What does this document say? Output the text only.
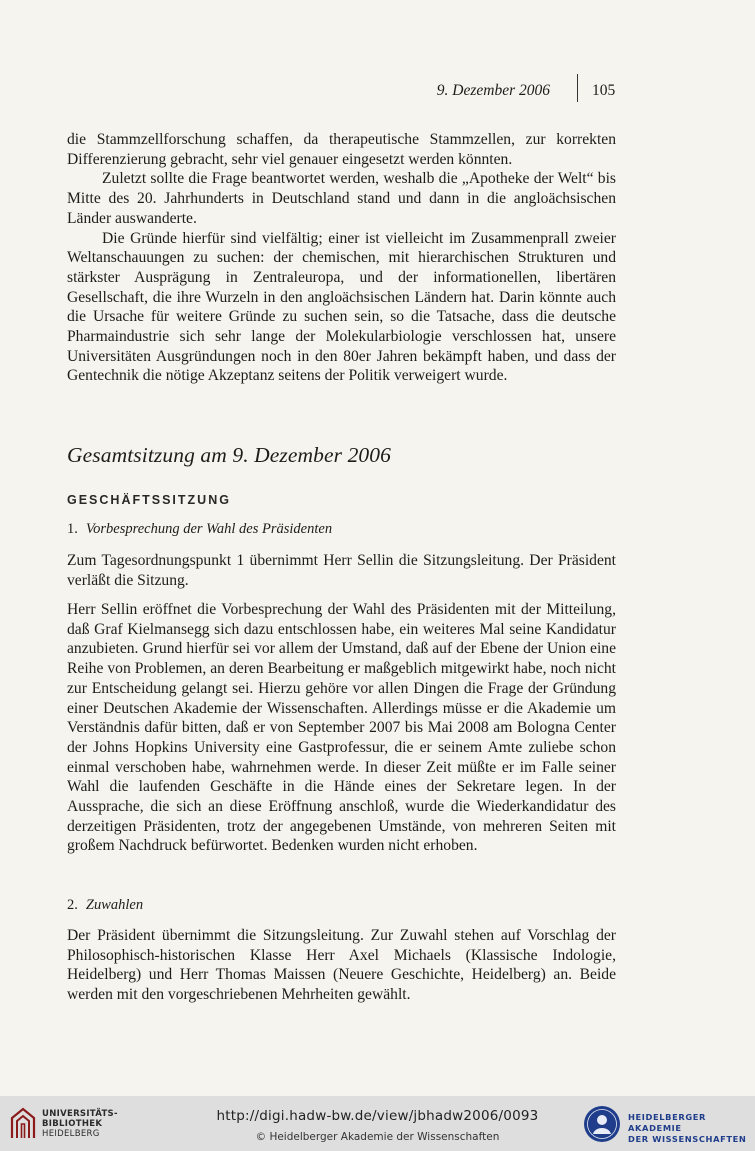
9. Dezember 2006	105

die Stammzellforschung schaffen, da therapeutische Stammzellen, zur korrekten Differenzierung gebracht, sehr viel genauer eingesetzt werden könnten.

Zuletzt sollte die Frage beantwortet werden, weshalb die „Apotheke der Welt“ bis Mitte des 20. Jahrhunderts in Deutschland stand und dann in die angloächsischen Länder auswanderte.

Die Gründe hierfür sind vielfältig; einer ist vielleicht im Zusammenprall zweier Weltanschauungen zu suchen: der chemischen, mit hierarchischen Strukturen und stärkster Ausprägung in Zentraleuropa, und der informationellen, libertären Gesellschaft, die ihre Wurzeln in den angloächsischen Ländern hat. Darin könnte auch die Ursache für weitere Gründe zu suchen sein, so die Tatsache, dass die deutsche Pharmaindustrie sich sehr lange der Molekularbiologie verschlossen hat, unsere Universitäten Ausgründungen noch in den 80er Jahren bekämpft haben, und dass der Gentechnik die nötige Akzeptanz seitens der Politik verweigert wurde.

Gesamtsitzung am 9. Dezember 2006
GESCHÄFTSSITZUNG
1. Vorbesprechung der Wahl des Präsidenten

Zum Tagesordnungspunkt 1 übernimmt Herr Sellin die Sitzungsleitung. Der Präsident verläßt die Sitzung.

Herr Sellin eröffnet die Vorbesprechung der Wahl des Präsidenten mit der Mitteilung, daß Graf Kielmansegg sich dazu entschlossen habe, ein weiteres Mal seine Kandidatur anzubieten. Grund hierfür sei vor allem der Umstand, daß auf der Ebene der Union eine Reihe von Problemen, an deren Bearbeitung er maßgeblich mitgewirkt habe, noch nicht zur Entscheidung gelangt sei. Hierzu gehöre vor allen Dingen die Frage der Gründung einer Deutschen Akademie der Wissenschaften. Allerdings müsse er die Akademie um Verständnis dafür bitten, daß er von September 2007 bis Mai 2008 am Bologna Center der Johns Hopkins University eine Gastprofessur, die er seinem Amte zuliebe schon einmal verschoben habe, wahrnehmen werde. In dieser Zeit müßte er im Falle seiner Wahl die laufenden Geschäfte in die Hände eines der Sekretare legen. In der Aussprache, die sich an diese Eröffnung anschloß, wurde die Wiederkandidatur des derzeitigen Präsidenten, trotz der angegebenen Umstände, von mehreren Seiten mit großem Nachdruck befürwortet. Bedenken wurden nicht erhoben.

2. Zuwahlen

Der Präsident übernimmt die Sitzungsleitung. Zur Zuwahl stehen auf Vorschlag der Philosophisch-historischen Klasse Herr Axel Michaels (Klassische Indologie, Heidelberg) und Herr Thomas Maissen (Neuere Geschichte, Heidelberg) an. Beide werden mit den vorgeschriebenen Mehrheiten gewählt.

UNIVERSITÄTS-
BIBLIOTHEK
HEIDELBERG
http://digi.hadw-bw.de/view/jbhadw2006/0093
© Heidelberger Akademie der Wissenschaften
HEIDELBERGER AKADEMIE
DER WISSENSCHAFTEN
